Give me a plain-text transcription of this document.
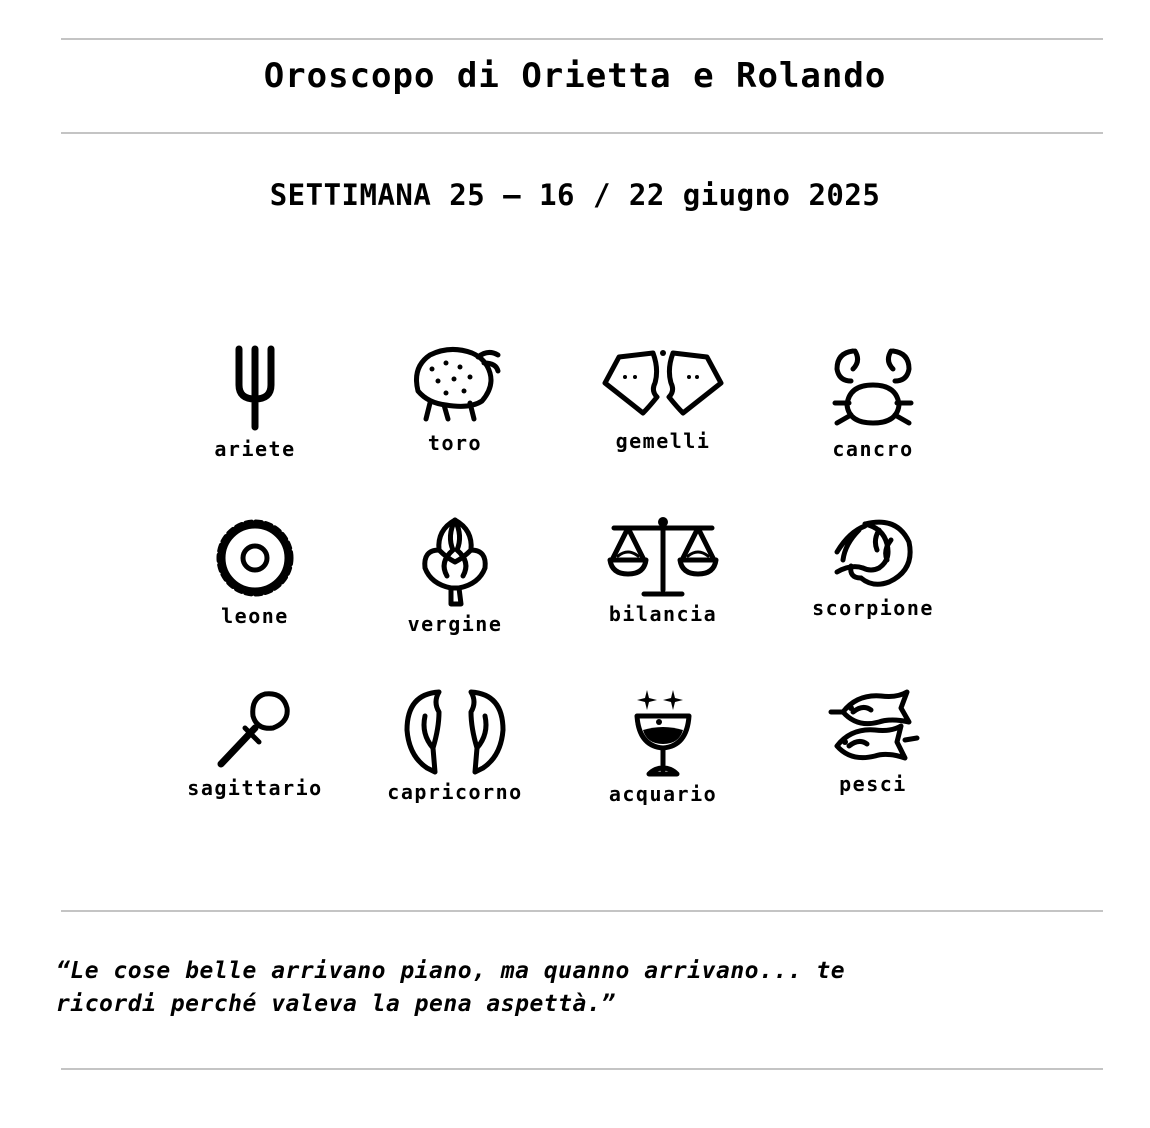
Oroscopo di Orietta e Rolando
SETTIMANA 25 – 16 / 22 giugno 2025
ariete	toro	gemelli	cancro
leone	vergine	bilancia	scorpione
sagittario	capricorno	acquario	pesci
“Le cose belle arrivano piano, ma quanno arrivano... te
ricordi perché valeva la pena aspettà.”
